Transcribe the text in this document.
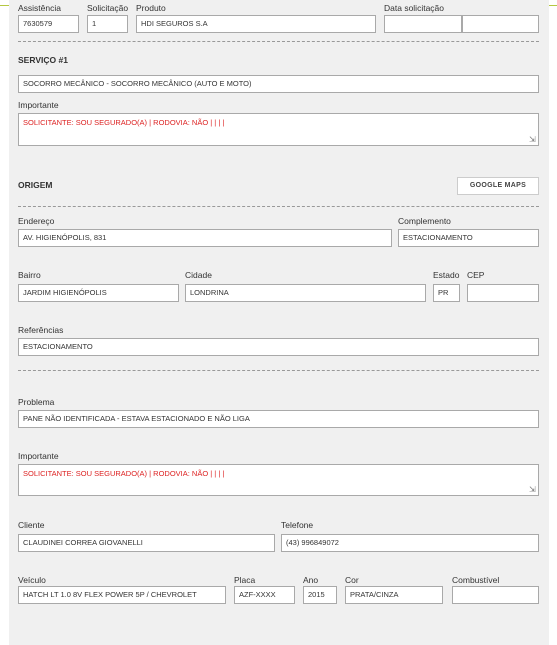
Assistência
7630579
Solicitação
1
Produto
HDI SEGUROS S.A
Data solicitação
SERVIÇO #1
SOCORRO MECÂNICO - SOCORRO MECÂNICO (AUTO E MOTO)
Importante
SOLICITANTE: SOU SEGURADO(A) | RODOVIA: NÃO | | | |
⇲
ORIGEM	GOOGLE MAPS
Endereço
AV. HIGIENÓPOLIS, 831
Complemento
ESTACIONAMENTO
Bairro
JARDIM HIGIENÓPOLIS
Cidade
LONDRINA
Estado
PR
CEP
Referências
ESTACIONAMENTO
Problema
PANE NÃO IDENTIFICADA - ESTAVA ESTACIONADO E NÃO LIGA
Importante
SOLICITANTE: SOU SEGURADO(A) | RODOVIA: NÃO | | | |
⇲
Cliente
CLAUDINEI CORREA GIOVANELLI
Telefone
(43) 996849072
Veículo
HATCH LT 1.0 8V FLEX POWER 5P / CHEVROLET
Placa
AZF-XXXX
Ano
2015
Cor
PRATA/CINZA
Combustível
